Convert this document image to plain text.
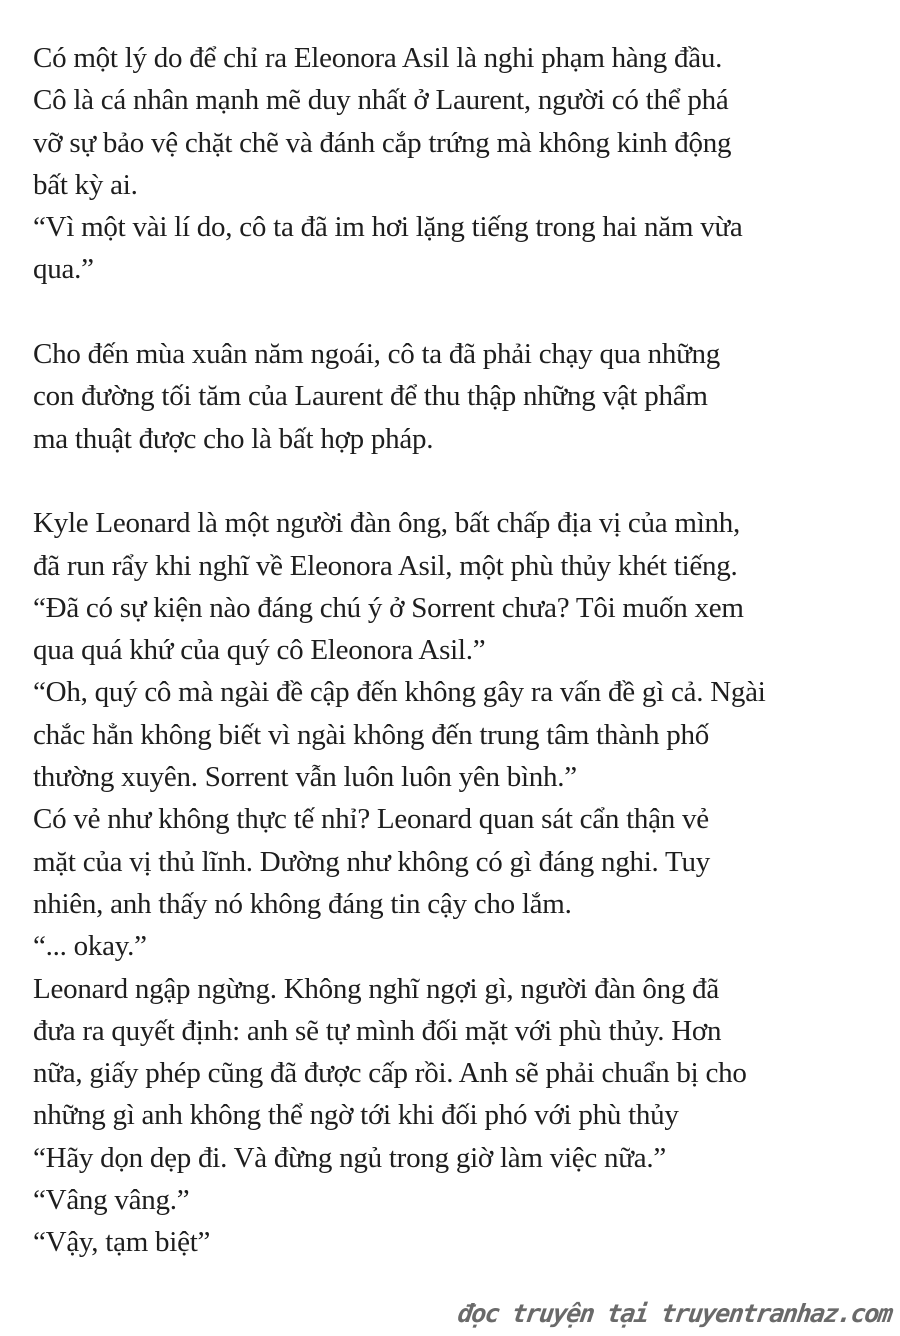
Có một lý do để chỉ ra Eleonora Asil là nghi phạm hàng đầu.
Cô là cá nhân mạnh mẽ duy nhất ở Laurent, người có thể phá
vỡ sự bảo vệ chặt chẽ và đánh cắp trứng mà không kinh động
bất kỳ ai.
“Vì một vài lí do, cô ta đã im hơi lặng tiếng trong hai năm vừa
qua.”
Cho đến mùa xuân năm ngoái, cô ta đã phải chạy qua những
con đường tối tăm của Laurent để thu thập những vật phẩm
ma thuật được cho là bất hợp pháp.
Kyle Leonard là một người đàn ông, bất chấp địa vị của mình,
đã run rẩy khi nghĩ về Eleonora Asil, một phù thủy khét tiếng.
“Đã có sự kiện nào đáng chú ý ở Sorrent chưa? Tôi muốn xem
qua quá khứ của quý cô Eleonora Asil.”
“Oh, quý cô mà ngài đề cập đến không gây ra vấn đề gì cả. Ngài
chắc hẳn không biết vì ngài không đến trung tâm thành phố
thường xuyên. Sorrent vẫn luôn luôn yên bình.”
Có vẻ như không thực tế nhỉ? Leonard quan sát cẩn thận vẻ
mặt của vị thủ lĩnh. Dường như không có gì đáng nghi. Tuy
nhiên, anh thấy nó không đáng tin cậy cho lắm.
“... okay.”
Leonard ngập ngừng. Không nghĩ ngợi gì, người đàn ông đã
đưa ra quyết định: anh sẽ tự mình đối mặt với phù thủy. Hơn
nữa, giấy phép cũng đã được cấp rồi. Anh sẽ phải chuẩn bị cho
những gì anh không thể ngờ tới khi đối phó với phù thủy
“Hãy dọn dẹp đi. Và đừng ngủ trong giờ làm việc nữa.”
“Vâng vâng.”
“Vậy, tạm biệt”
đọc truyện tại truyentranhaz.com
